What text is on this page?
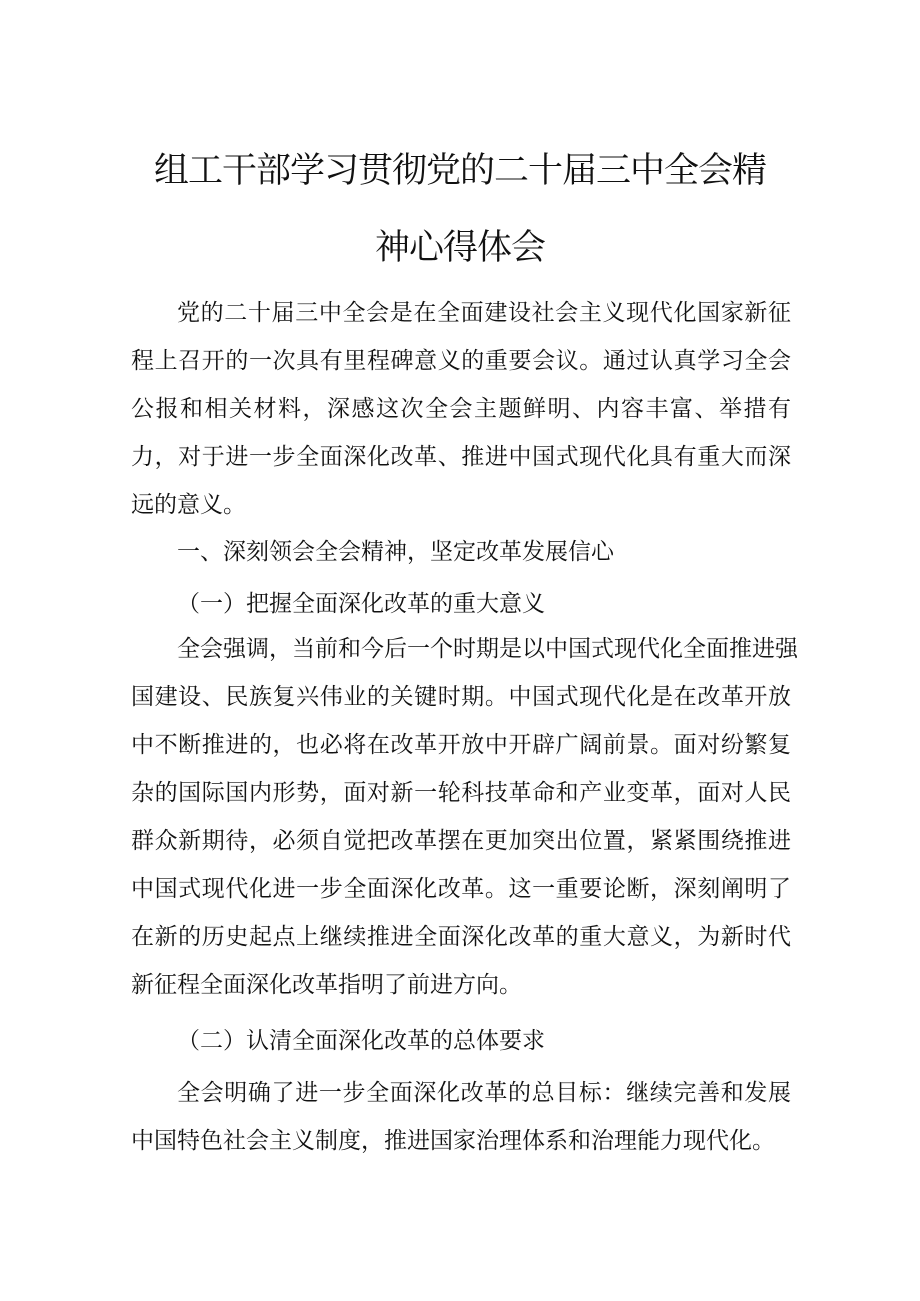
组工干部学习贯彻党的二十届三中全会精
神心得体会
党的二十届三中全会是在全面建设社会主义现代化国家新征
程上召开的一次具有里程碑意义的重要会议。通过认真学习全会
公报和相关材料，深感这次全会主题鲜明、内容丰富、举措有
力，对于进一步全面深化改革、推进中国式现代化具有重大而深
远的意义。
一、深刻领会全会精神，坚定改革发展信心
（一）把握全面深化改革的重大意义
全会强调，当前和今后一个时期是以中国式现代化全面推进强
国建设、民族复兴伟业的关键时期。中国式现代化是在改革开放
中不断推进的，也必将在改革开放中开辟广阔前景。面对纷繁复
杂的国际国内形势，面对新一轮科技革命和产业变革，面对人民
群众新期待，必须自觉把改革摆在更加突出位置，紧紧围绕推进
中国式现代化进一步全面深化改革。这一重要论断，深刻阐明了
在新的历史起点上继续推进全面深化改革的重大意义，为新时代
新征程全面深化改革指明了前进方向。
（二）认清全面深化改革的总体要求
全会明确了进一步全面深化改革的总目标：继续完善和发展
中国特色社会主义制度，推进国家治理体系和治理能力现代化。
